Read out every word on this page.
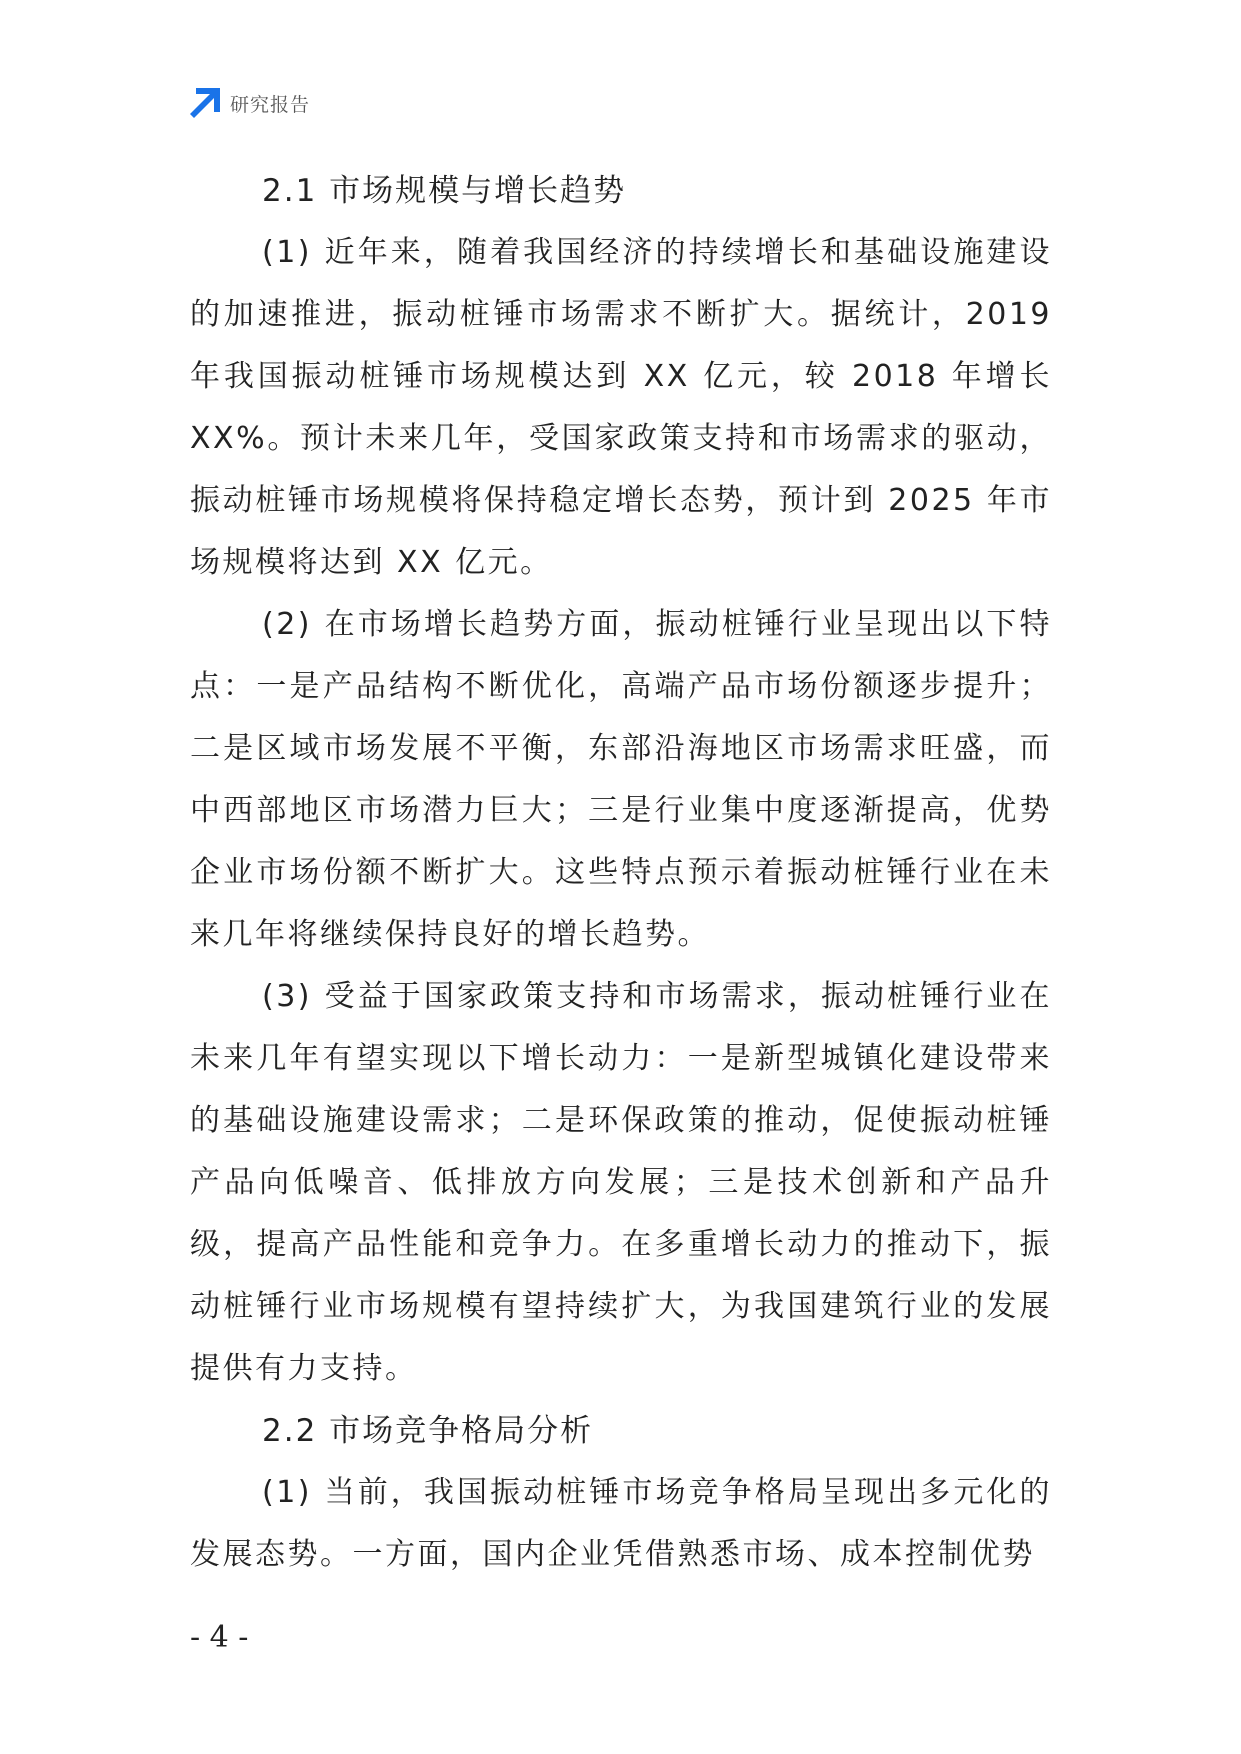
研究报告
2.1 市场规模与增长趋势

(1) 近年来，随着我国经济的持续增长和基础设施建设的加速推进，振动桩锤市场需求不断扩大。据统计，2019 年我国振动桩锤市场规模达到 XX 亿元，较 2018 年增长 XX%。预计未来几年，受国家政策支持和市场需求的驱动，振动桩锤市场规模将保持稳定增长态势，预计到 2025 年市场规模将达到 XX 亿元。

(2) 在市场增长趋势方面，振动桩锤行业呈现出以下特点：一是产品结构不断优化，高端产品市场份额逐步提升；二是区域市场发展不平衡，东部沿海地区市场需求旺盛，而中西部地区市场潜力巨大；三是行业集中度逐渐提高，优势企业市场份额不断扩大。这些特点预示着振动桩锤行业在未来几年将继续保持良好的增长趋势。

(3) 受益于国家政策支持和市场需求，振动桩锤行业在未来几年有望实现以下增长动力：一是新型城镇化建设带来的基础设施建设需求；二是环保政策的推动，促使振动桩锤产品向低噪音、低排放方向发展；三是技术创新和产品升级，提高产品性能和竞争力。在多重增长动力的推动下，振动桩锤行业市场规模有望持续扩大，为我国建筑行业的发展提供有力支持。

2.2 市场竞争格局分析

(1) 当前，我国振动桩锤市场竞争格局呈现出多元化的发展态势。一方面，国内企业凭借熟悉市场、成本控制优势

- 4 -
